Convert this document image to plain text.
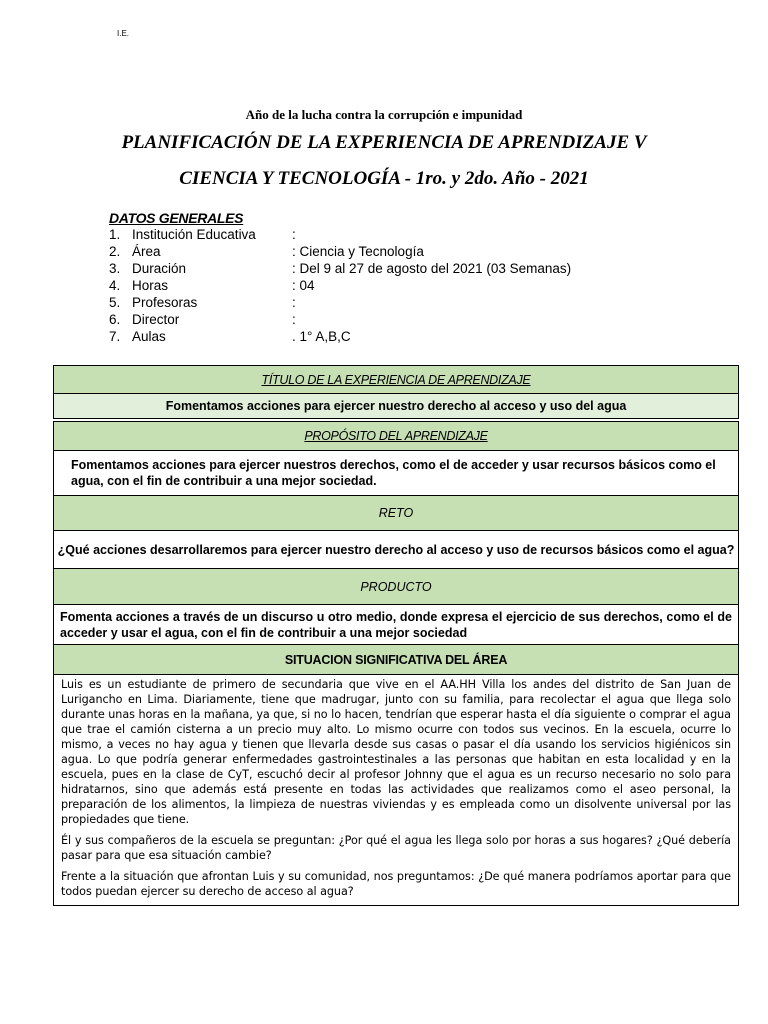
I.E.
Año de la lucha contra la corrupción e impunidad
PLANIFICACIÓN DE LA EXPERIENCIA DE APRENDIZAJE V
CIENCIA Y TECNOLOGÍA - 1ro. y 2do. Año - 2021
DATOS GENERALES
1. Institución Educativa	:
2. Área	: Ciencia y Tecnología
3. Duración	: Del 9 al 27 de agosto del 2021 (03 Semanas)
4. Horas	: 04
5. Profesoras	:
6. Director	:
7. Aulas	. 1° A,B,C
TÍTULO DE LA EXPERIENCIA DE APRENDIZAJE
Fomentamos acciones para ejercer nuestro derecho al acceso y uso del agua
PROPÓSITO DEL APRENDIZAJE
Fomentamos acciones para ejercer nuestros derechos, como el de acceder y usar recursos básicos como el agua, con el fin de contribuir a una mejor sociedad.
RETO
¿Qué acciones desarrollaremos para ejercer nuestro derecho al acceso y uso de recursos básicos como el agua?
PRODUCTO
Fomenta acciones a través de un discurso u otro medio, donde expresa el ejercicio de sus derechos, como el de acceder y usar el agua, con el fin de contribuir a una mejor sociedad
SITUACION SIGNIFICATIVA DEL ÁREA

Luis es un estudiante de primero de secundaria que vive en el AA.HH Villa los andes del distrito de San Juan de Lurigancho en Lima. Diariamente, tiene que madrugar, junto con su familia, para recolectar el agua que llega solo durante unas horas en la mañana, ya que, si no lo hacen, tendrían que esperar hasta el día siguiente o comprar el agua que trae el camión cisterna a un precio muy alto. Lo mismo ocurre con todos sus vecinos. En la escuela, ocurre lo mismo, a veces no hay agua y tienen que llevarla desde sus casas o pasar el día usando los servicios higiénicos sin agua. Lo que podría generar enfermedades gastrointestinales a las personas que habitan en esta localidad y en la escuela, pues en la clase de CyT, escuchó decir al profesor Johnny que el agua es un recurso necesario no solo para hidratarnos, sino que además está presente en todas las actividades que realizamos como el aseo personal, la preparación de los alimentos, la limpieza de nuestras viviendas y es empleada como un disolvente universal por las propiedades que tiene.

Él y sus compañeros de la escuela se preguntan: ¿Por qué el agua les llega solo por horas a sus hogares? ¿Qué debería pasar para que esa situación cambie?

Frente a la situación que afrontan Luis y su comunidad, nos preguntamos: ¿De qué manera podríamos aportar para que todos puedan ejercer su derecho de acceso al agua?
